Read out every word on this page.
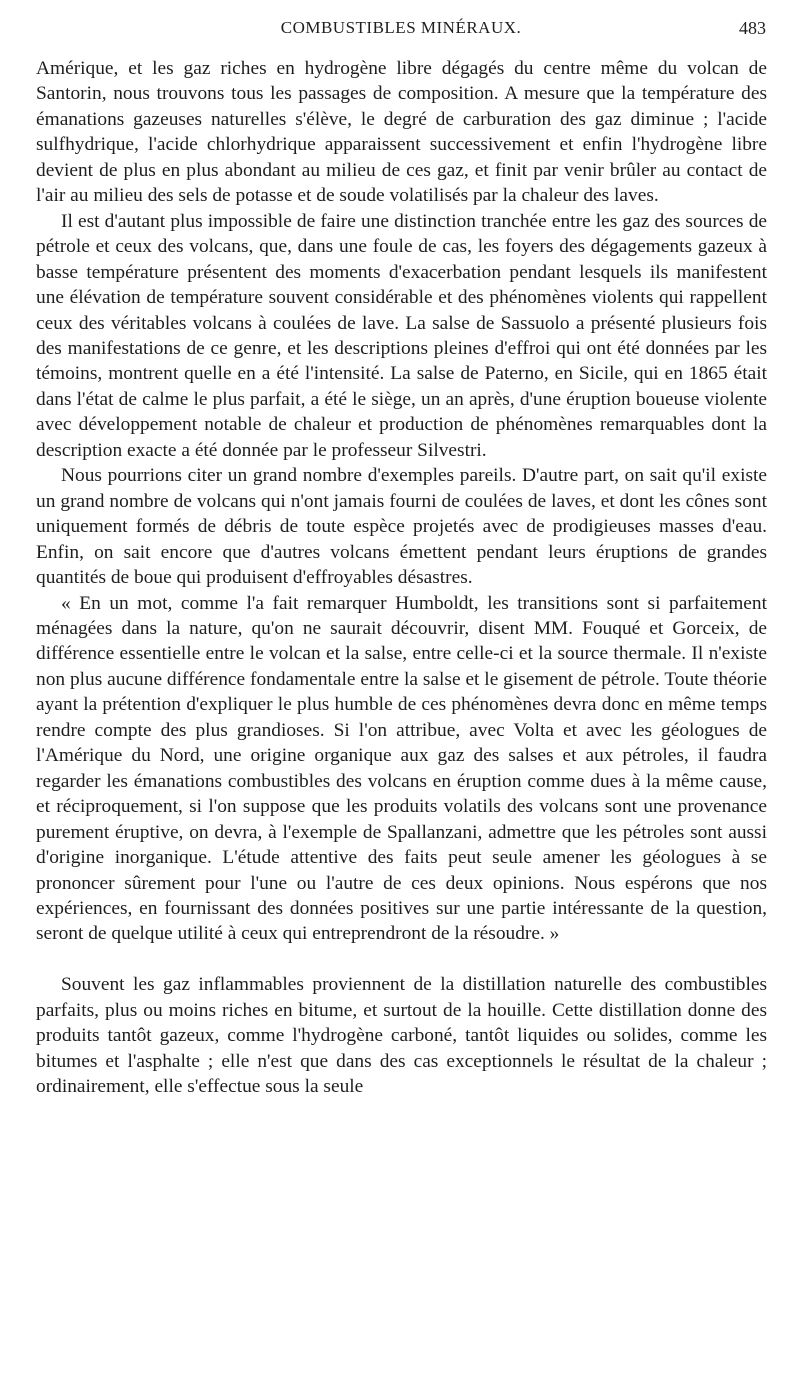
COMBUSTIBLES MINÉRAUX.	483

Amérique, et les gaz riches en hydrogène libre dégagés du centre même du volcan de Santorin, nous trouvons tous les passages de composition. A mesure que la température des émanations gazeuses naturelles s'élève, le degré de carburation des gaz diminue ; l'acide sulfhydrique, l'acide chlorhydrique apparaissent successivement et enfin l'hydrogène libre devient de plus en plus abondant au milieu de ces gaz, et finit par venir brûler au contact de l'air au milieu des sels de potasse et de soude volatilisés par la chaleur des laves.

Il est d'autant plus impossible de faire une distinction tranchée entre les gaz des sources de pétrole et ceux des volcans, que, dans une foule de cas, les foyers des dégagements gazeux à basse température présentent des moments d'exacerbation pendant lesquels ils manifestent une élévation de température souvent considérable et des phénomènes violents qui rappellent ceux des véritables volcans à coulées de lave. La salse de Sassuolo a présenté plusieurs fois des manifestations de ce genre, et les descriptions pleines d'effroi qui ont été données par les témoins, montrent quelle en a été l'intensité. La salse de Paterno, en Sicile, qui en 1865 était dans l'état de calme le plus parfait, a été le siège, un an après, d'une éruption boueuse violente avec développement notable de chaleur et production de phénomènes remarquables dont la description exacte a été donnée par le professeur Silvestri.

Nous pourrions citer un grand nombre d'exemples pareils. D'autre part, on sait qu'il existe un grand nombre de volcans qui n'ont jamais fourni de coulées de laves, et dont les cônes sont uniquement formés de débris de toute espèce projetés avec de prodigieuses masses d'eau. Enfin, on sait encore que d'autres volcans émettent pendant leurs éruptions de grandes quantités de boue qui produisent d'effroyables désastres.

« En un mot, comme l'a fait remarquer Humboldt, les transitions sont si parfaitement ménagées dans la nature, qu'on ne saurait découvrir, disent MM. Fouqué et Gorceix, de différence essentielle entre le volcan et la salse, entre celle-ci et la source thermale. Il n'existe non plus aucune différence fondamentale entre la salse et le gisement de pétrole. Toute théorie ayant la prétention d'expliquer le plus humble de ces phénomènes devra donc en même temps rendre compte des plus grandioses. Si l'on attribue, avec Volta et avec les géologues de l'Amérique du Nord, une origine organique aux gaz des salses et aux pétroles, il faudra regarder les émanations combustibles des volcans en éruption comme dues à la même cause, et réciproquement, si l'on suppose que les produits volatils des volcans sont une provenance purement éruptive, on devra, à l'exemple de Spallanzani, admettre que les pétroles sont aussi d'origine inorganique. L'étude attentive des faits peut seule amener les géologues à se prononcer sûrement pour l'une ou l'autre de ces deux opinions. Nous espérons que nos expériences, en fournissant des données positives sur une partie intéressante de la question, seront de quelque utilité à ceux qui entreprendront de la résoudre. »

Souvent les gaz inflammables proviennent de la distillation naturelle des combustibles parfaits, plus ou moins riches en bitume, et surtout de la houille. Cette distillation donne des produits tantôt gazeux, comme l'hydrogène carboné, tantôt liquides ou solides, comme les bitumes et l'asphalte ; elle n'est que dans des cas exceptionnels le résultat de la chaleur ; ordinairement, elle s'effectue sous la seule
